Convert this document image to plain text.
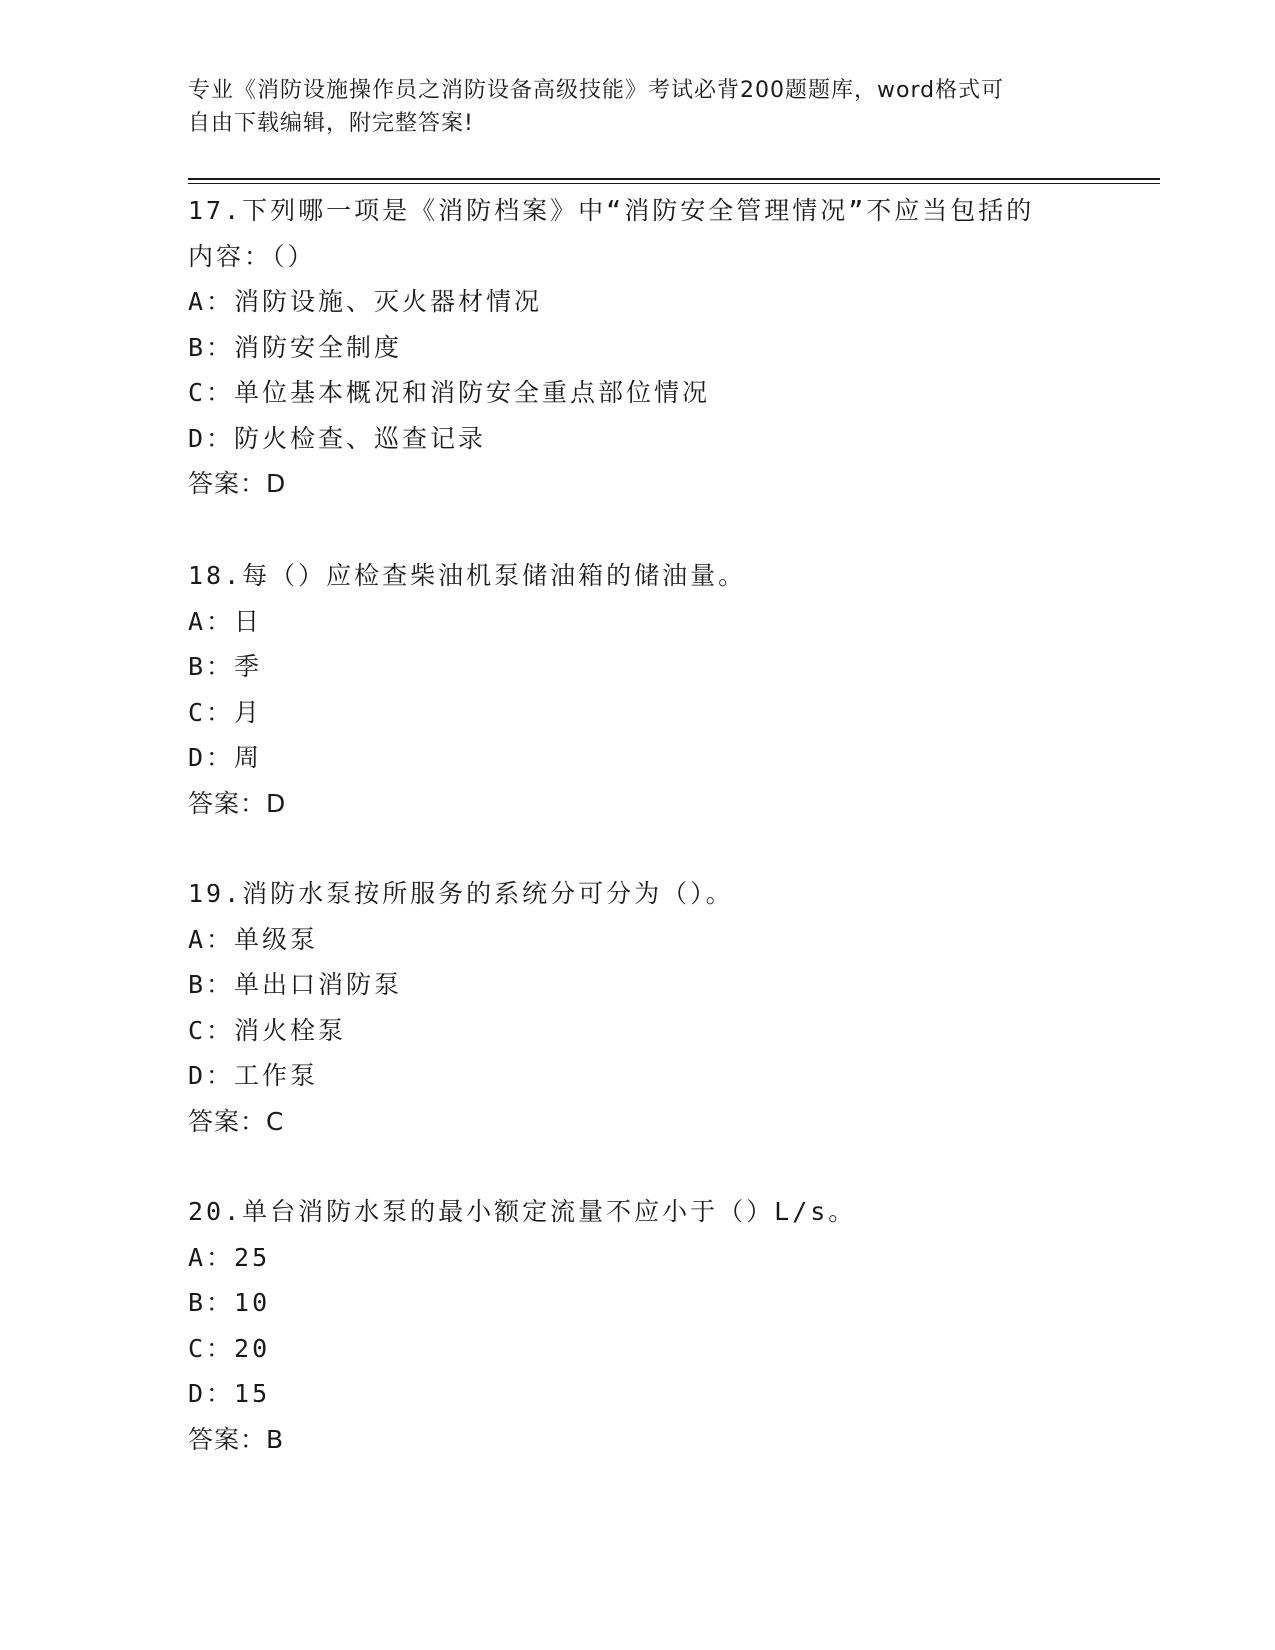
专业《消防设施操作员之消防设备高级技能》考试必背200题题库，word格式可
自由下载编辑，附完整答案!
17.下列哪一项是《消防档案》中“消防安全管理情况”不应当包括的
内容：（）
A：消防设施、灭火器材情况
B：消防安全制度
C：单位基本概况和消防安全重点部位情况
D：防火检查、巡查记录
答案：D
18.每（）应检查柴油机泵储油箱的储油量。
A：日
B：季
C：月
D：周
答案：D
19.消防水泵按所服务的系统分可分为（）。
A：单级泵
B：单出口消防泵
C：消火栓泵
D：工作泵
答案：C
20.单台消防水泵的最小额定流量不应小于（）L/s。
A：25
B：10
C：20
D：15
答案：B
